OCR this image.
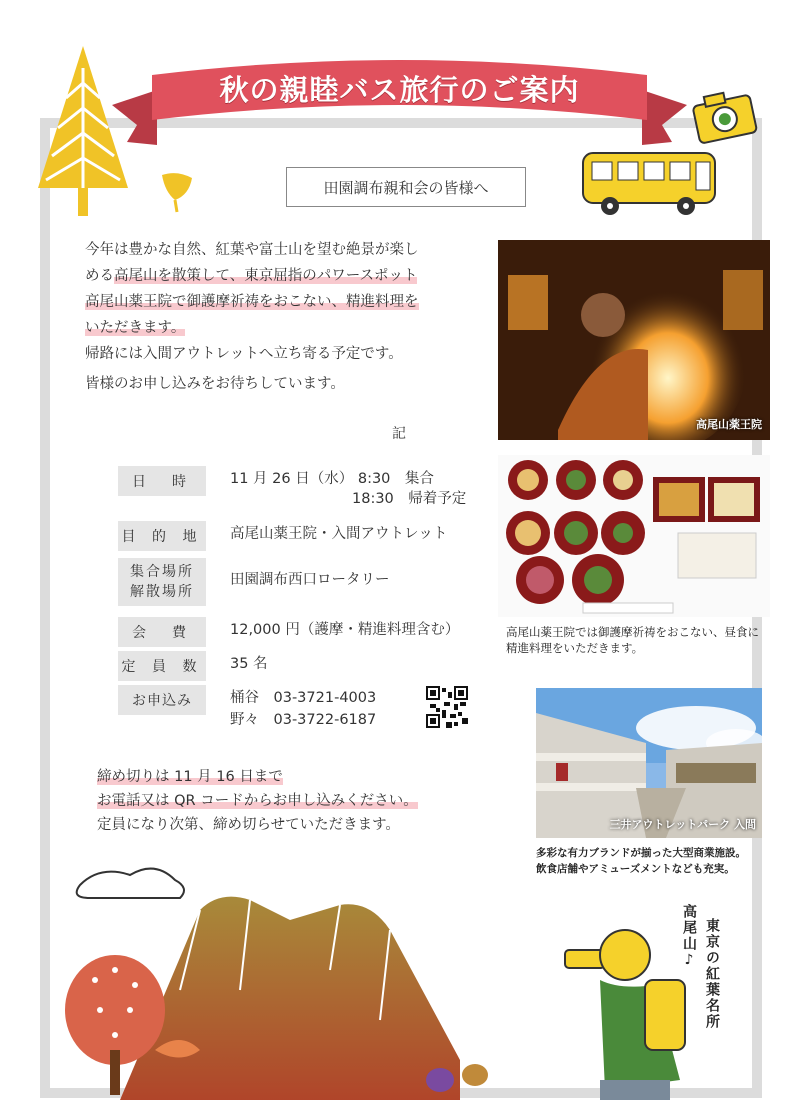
秋の親睦バス旅行のご案内
田園調布親和会の皆様へ

今年は豊かな自然、紅葉や富士山を望む絶景が楽し

める高尾山を散策して、東京屈指のパワースポット

高尾山薬王院で御護摩祈祷をおこない、精進料理を

いただきます。

帰路には入間アウトレットへ立ち寄る予定です。

皆様のお申し込みをお待ちしています。

記
日　時	11 月 26 日（水） 8:30　集合
18:30　帰着予定
目 的 地 高尾山薬王院・入間アウトレット
集合場所
解散場所
田園調布西口ロータリー
会　費	12,000 円（護摩・精進料理含む）
定 員 数 35 名
お申込み	桶谷　03-3721-4003
野々　03-3722-6187

締め切りは 11 月 16 日まで

お電話又は QR コードからお申し込みください。

定員になり次第、締め切らせていただきます。

高尾山薬王院
高尾山薬王院では御護摩祈祷をおこない、昼食に
精進料理をいただきます。
三井アウトレットパーク 入間
多彩な有力ブランドが揃った大型商業施設。
飲食店舗やアミューズメントなども充実。
東京の紅葉名所
高尾山♪
